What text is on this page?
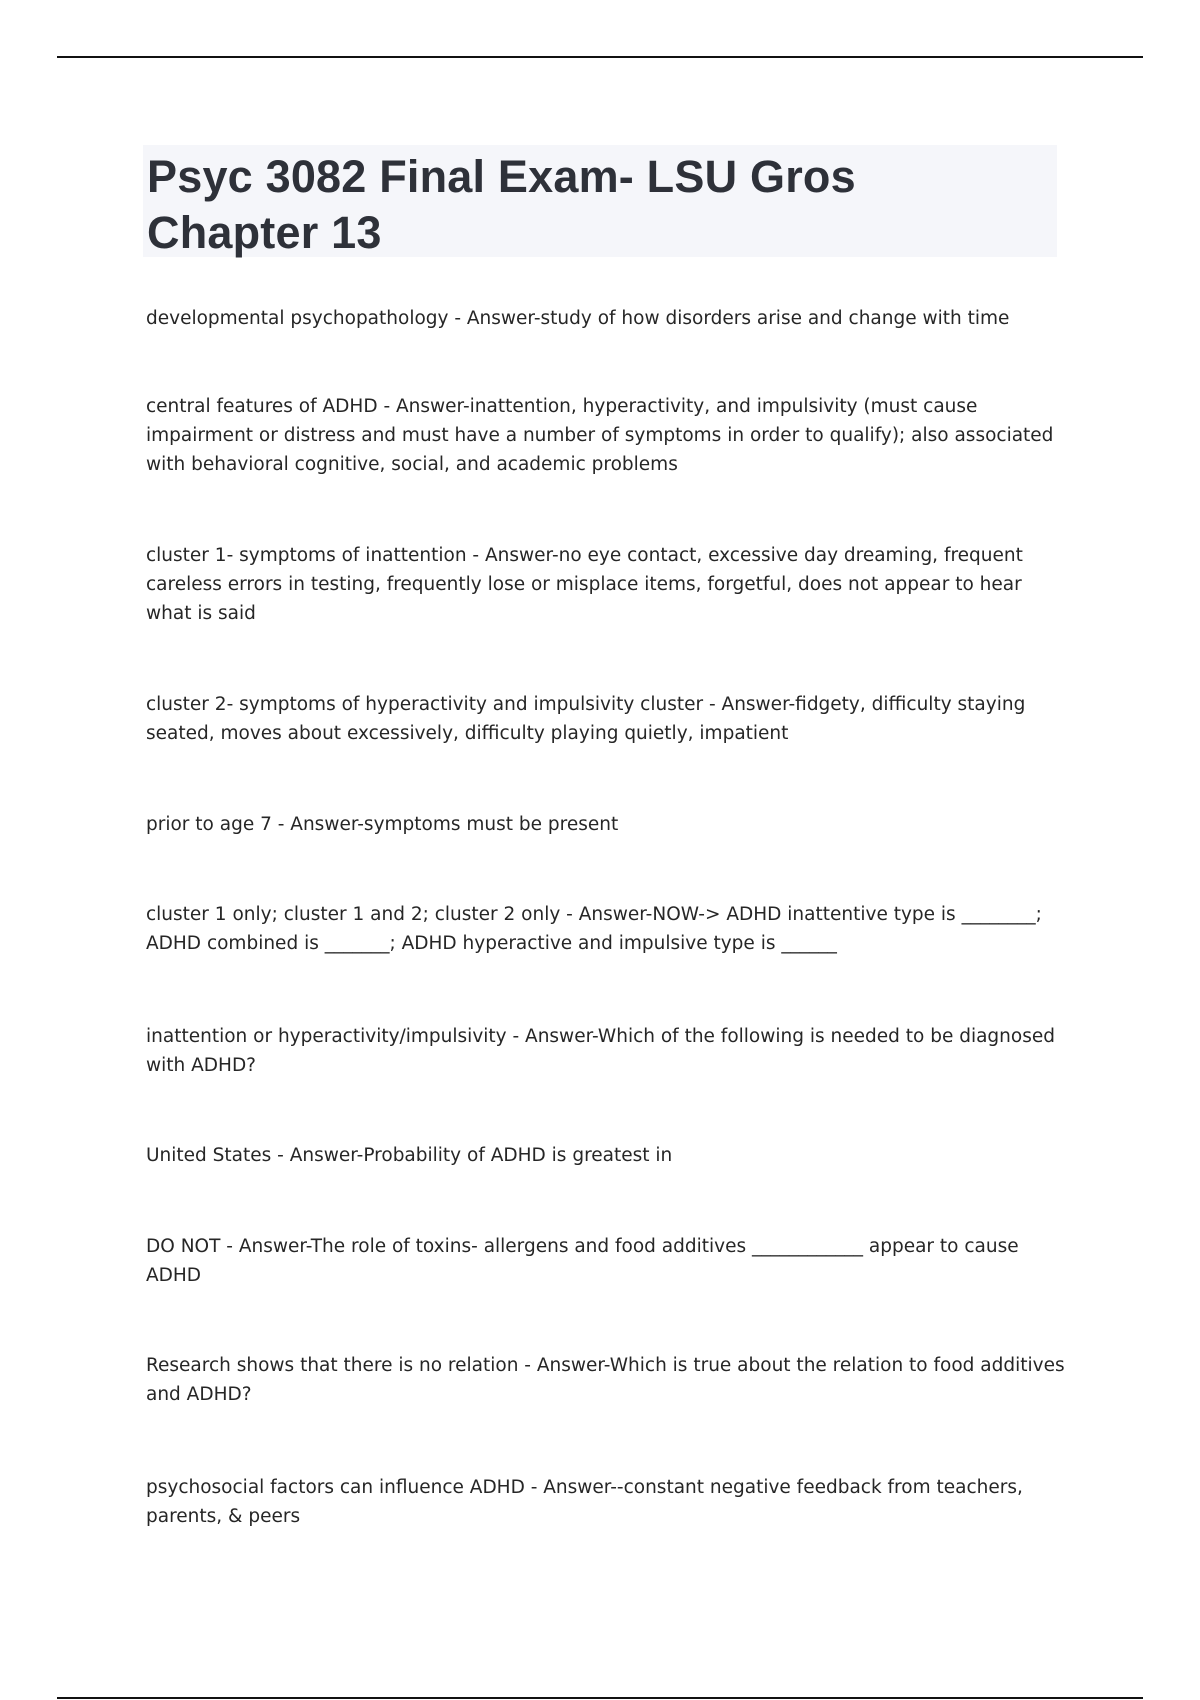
Psyc 3082 Final Exam- LSU Gros
Chapter 13

developmental psychopathology - Answer-study of how disorders arise and change with time

central features of ADHD - Answer-inattention, hyperactivity, and impulsivity (must cause impairment or distress and must have a number of symptoms in order to qualify); also associated with behavioral cognitive, social, and academic problems

cluster 1- symptoms of inattention - Answer-no eye contact, excessive day dreaming, frequent careless errors in testing, frequently lose or misplace items, forgetful, does not appear to hear what is said

cluster 2- symptoms of hyperactivity and impulsivity cluster - Answer-fidgety, difficulty staying seated, moves about excessively, difficulty playing quietly, impatient

prior to age 7 - Answer-symptoms must be present

cluster 1 only; cluster 1 and 2; cluster 2 only - Answer-NOW-> ADHD inattentive type is ________; ADHD combined is _______; ADHD hyperactive and impulsive type is ______

inattention or hyperactivity/impulsivity - Answer-Which of the following is needed to be diagnosed with ADHD?

United States - Answer-Probability of ADHD is greatest in

DO NOT - Answer-The role of toxins- allergens and food additives ____________ appear to cause ADHD

Research shows that there is no relation - Answer-Which is true about the relation to food additives and ADHD?

psychosocial factors can influence ADHD - Answer--constant negative feedback from teachers, parents, & peers
